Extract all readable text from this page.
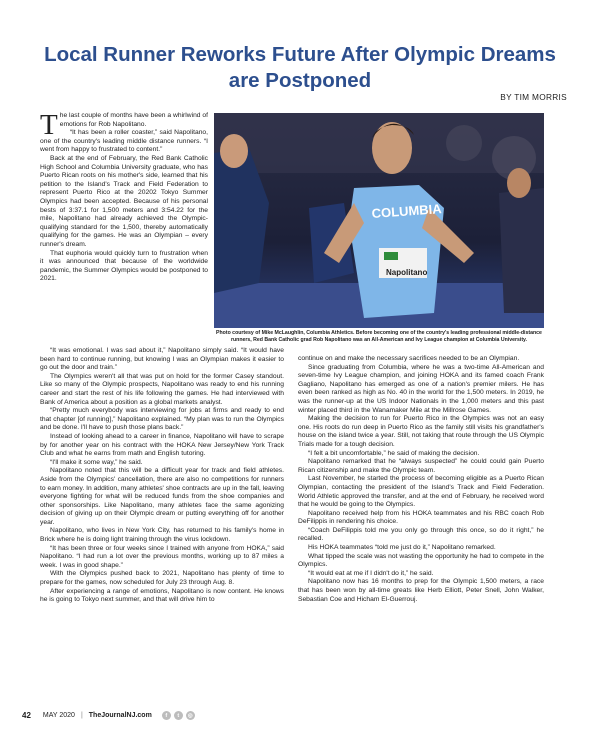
Local Runner Reworks Future After Olympic Dreams are Postponed
BY TIM MORRIS
Napolitano
COLUMBIA
Photo courtesy of Mike McLaughlin, Columbia Athletics. Before becoming one of the country's leading professional middle-distance runners, Red Bank Catholic grad Rob Napolitano was an All-American and Ivy League champion at Columbia University.

The last couple of months have been a whirlwind of emotions for Rob Napolitano.

“It has been a roller coaster,” said Napolitano, one of the country's leading middle distance runners. “I went from happy to frustrated to content.”

Back at the end of February, the Red Bank Catholic High School and Columbia University graduate, who has Puerto Rican roots on his mother's side, learned that his petition to the Island's Track and Field Federation to represent Puerto Rico at the 20202 Tokyo Summer Olympics had been accepted. Because of his personal bests of 3:37.1 for 1,500 meters and 3:54.22 for the mile, Napolitano had already achieved the Olympic-qualifying standard for the 1,500, thereby automatically qualifying for the games. He was an Olympian – every runner's dream.

That euphoria would quickly turn to frustration when it was announced that because of the worldwide pandemic, the Summer Olympics would be postponed to 2021.

“It was emotional. I was sad about it,” Napolitano simply said. “It would have been hard to continue running, but knowing I was an Olympian makes it easier to go out the door and train.”

The Olympics weren't all that was put on hold for the former Casey standout. Like so many of the Olympic prospects, Napolitano was ready to end his running career and start the rest of his life following the games. He had interviewed with Bank of America about a position as a global markets analyst.

“Pretty much everybody was interviewing for jobs at firms and ready to end that chapter [of running],” Napolitano explained. “My plan was to run the Olympics and be done. I'll have to push those plans back.”

Instead of looking ahead to a career in finance, Napolitano will have to scrape by for another year on his contract with the HOKA New Jersey/New York Track Club and what he earns from math and English tutoring.

“I'll make it some way,” he said.

Napolitano noted that this will be a difficult year for track and field athletes. Aside from the Olympics' cancellation, there are also no competitions for runners to earn money. In addition, many athletes' shoe contracts are up in the fall, leaving everyone fighting for what will be reduced funds from the shoe companies and other sponsorships. Like Napolitano, many athletes face the same agonizing decision of giving up on their Olympic dream or putting everything off for another year.

Napolitano, who lives in New York City, has returned to his family's home in Brick where he is doing light training through the virus lockdown.

“It has been three or four weeks since I trained with anyone from HOKA,” said Napolitano. “I had run a lot over the previous months, working up to 87 miles a week. I was in good shape.”

With the Olympics pushed back to 2021, Napolitano has plenty of time to prepare for the games, now scheduled for July 23 through Aug. 8.

After experiencing a range of emotions, Napolitano is now content. He knows he is going to Tokyo next summer, and that will drive him to

continue on and make the necessary sacrifices needed to be an Olympian.

Since graduating from Columbia, where he was a two-time All-American and seven-time Ivy League champion, and joining HOKA and its famed coach Frank Gagliano, Napolitano has emerged as one of a nation's premier milers. He has even been ranked as high as No. 40 in the world for the 1,500 meters. In 2019, he was the runner-up at the US Indoor Nationals in the 1,000 meters and this past winter placed third in the Wanamaker Mile at the Millrose Games.

Making the decision to run for Puerto Rico in the Olympics was not an easy one. His roots do run deep in Puerto Rico as the family still visits his grandfather's house on the island twice a year. Still, not taking that route through the US Olympic Trials made for a tough decision.

“I felt a bit uncomfortable,” he said of making the decision.

Napolitano remarked that he “always suspected” he could could gain Puerto Rican citizenship and make the Olympic team.

Last November, he started the process of becoming eligible as a Puerto Rican Olympian, contacting the president of the Island's Track and Field Federation. World Athletic approved the transfer, and at the end of February, he received word that he would be going to the Olympics.

Napolitano received help from his HOKA teammates and his RBC coach Rob DeFilippis in rendering his choice.

“Coach DeFilippis told me you only go through this once, so do it right,” he recalled.

His HOKA teammates “told me just do it,” Napolitano remarked.

What tipped the scale was not wasting the opportunity he had to compete in the Olympics.

“It would eat at me if I didn't do it,” he said.

Napolitano now has 16 months to prep for the Olympic 1,500 meters, a race that has been won by all-time greats like Herb Elliott, Peter Snell, John Walker, Sebastian Coe and Hicham El-Guerrouj.

42 MAY 2020 | TheJournalNJ.com	f	t	◎
